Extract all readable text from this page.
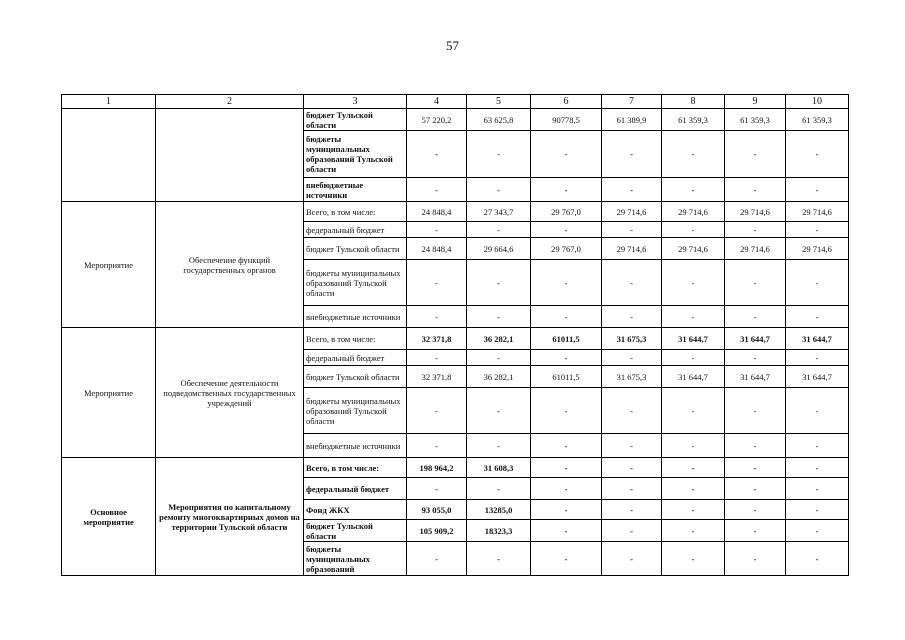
57
1	2	3	4	5	6	7	8	9	10
		бюджет Тульской области	57 220,2	63 625,8	90778,5	61 389,9	61 359,3	61 359,3	61 359,3
		бюджеты муниципальных образований Тульской области	-	-	-	-	-	-	-
		внебюджетные источники	-	-	-	-	-	-	-
Мероприятие	Обеспечение функций государственных органов	Всего, в том числе:	24 848,4	27 343,7	29 767,0	29 714,6	29 714,6	29 714,6	29 714,6
		федеральный бюджет	-	-	-	-	-	-	-
		бюджет Тульской области	24 848,4	29 664,6	29 767,0	29 714,6	29 714,6	29 714,6	29 714,6
		бюджеты муниципальных образований Тульской области	-	-	-	-	-	-	-
		внебюджетные источники	-	-	-	-	-	-	-
Мероприятие	Обеспечение деятельности подведомственных государственных учреждений	Всего, в том числе:	32 371,8	36 282,1	61011,5	31 675,3	31 644,7	31 644,7	31 644,7
		федеральный бюджет	-	-	-	-	-	-	-
		бюджет Тульской области	32 371,8	36 282,1	61011,5	31 675,3	31 644,7	31 644,7	31 644,7
		бюджеты муниципальных образований Тульской области	-	-	-	-	-	-	-
		внебюджетные источники	-	-	-	-	-	-	-
Основное мероприятие	Мероприятия по капитальному ремонту многоквартирных домов на территории Тульской области	Всего, в том числе:	198 964,2	31 608,3	-	-	-	-	-
		федеральный бюджет	-	-	-	-	-	-	-
		Фонд ЖКХ	93 055,0	13285,0	-	-	-	-	-
		бюджет Тульской области	105 909,2	18323,3	-	-	-	-	-
		бюджеты муниципальных образований	-	-	-	-	-	-	-
